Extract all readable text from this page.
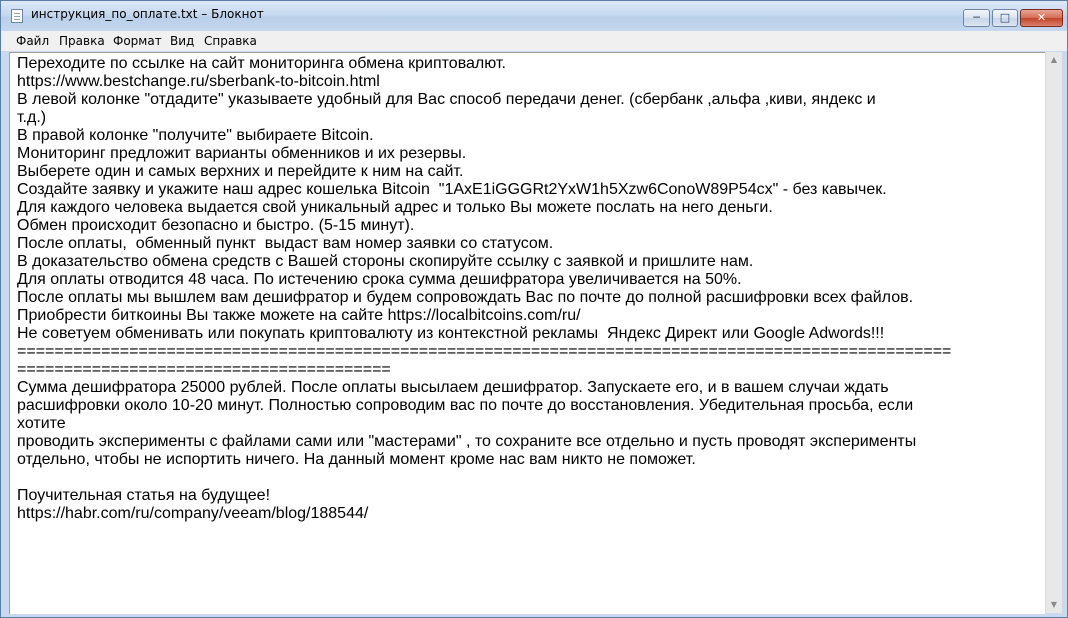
инструкция_по_оплате.txt – Блокнот	─	□	✕
Файл Правка Формат Вид Справка
Переходите по ссылке на сайт мониторинга обмена криптовалют.
https://www.bestchange.ru/sberbank-to-bitcoin.html
В левой колонке "отдадите" указываете удобный для Вас способ передачи денег. (сбербанк ,альфа ,киви, яндекс и
т.д.)
В правой колонке "получите" выбираете Bitcoin.
Мониторинг предложит варианты обменников и их резервы.
Выберете один и самых верхних и перейдите к ним на сайт.
Создайте заявку и укажите наш адрес кошелька Bitcoin  "1AxE1iGGGRt2YxW1h5Xzw6ConoW89P54cx" - без кавычек.
Для каждого человека выдается свой уникальный адрес и только Вы можете послать на него деньги.
Обмен происходит безопасно и быстро. (5-15 минут).
После оплаты,  обменный пункт  выдаст вам номер заявки со статусом.
В доказательство обмена средств с Вашей стороны скопируйте ссылку с заявкой и пришлите нам.
Для оплаты отводится 48 часа. По истечению срока сумма дешифратора увеличивается на 50%.
После оплаты мы вышлем вам дешифратор и будем сопровождать Вас по почте до полной расшифровки всех файлов.
Приобрести биткоины Вы также можете на сайте https://localbitcoins.com/ru/
Не советуем обменивать или покупать криптовалюту из контекстной рекламы  Яндекс Директ или Google Adwords!!!
====================================================================================================
========================================
Сумма дешифратора 25000 рублей. После оплаты высылаем дешифратор. Запускаете его, и в вашем случаи ждать
расшифровки около 10-20 минут. Полностью сопроводим вас по почте до восстановления. Убедительная просьба, если
хотите
проводить эксперименты с файлами сами или "мастерами" , то сохраните все отдельно и пусть проводят эксперименты
отдельно, чтобы не испортить ничего. На данный момент кроме нас вам никто не поможет.

Поучительная статья на будущее!
https://habr.com/ru/company/veeam/blog/188544/

▲
▼
